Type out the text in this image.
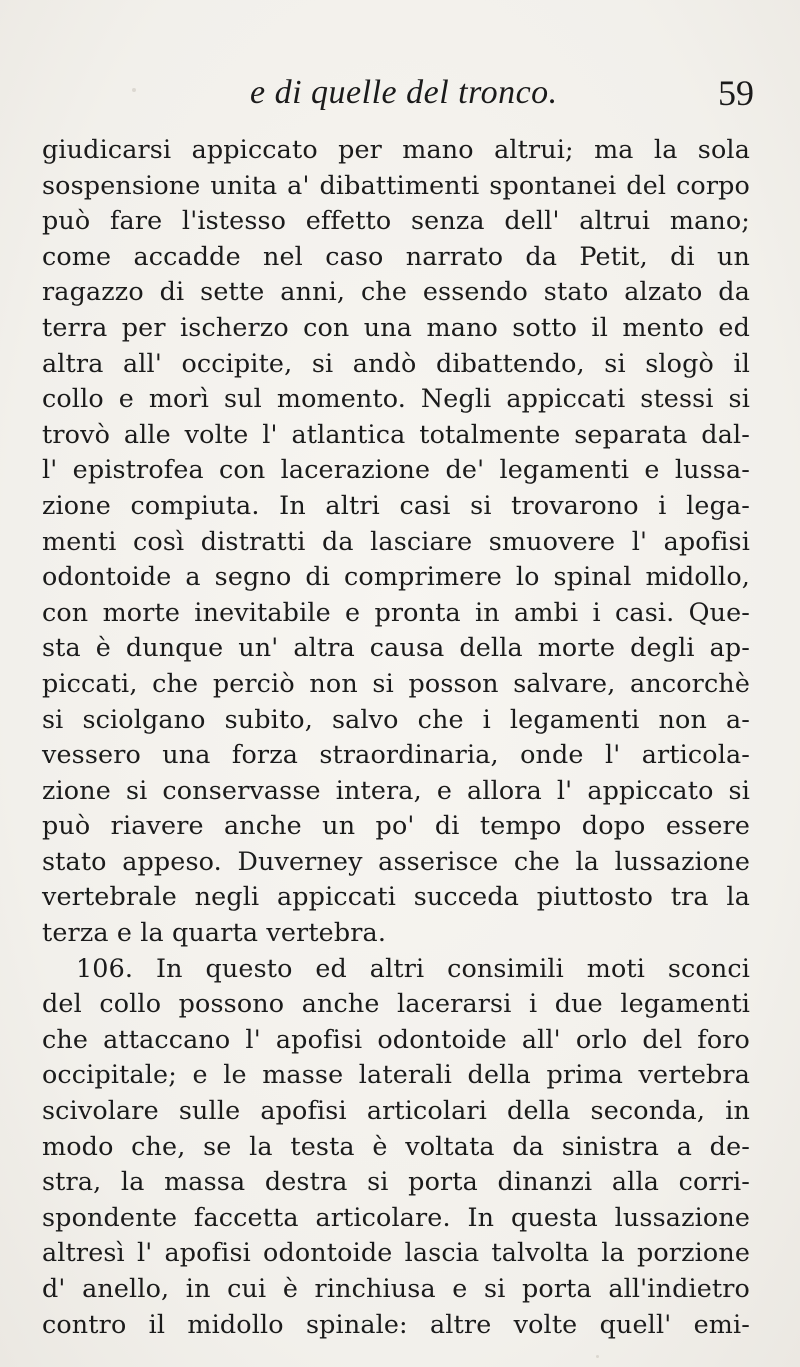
e di quelle del tronco.	59
giudicarsi appiccato per mano altrui; ma la sola
sospensione unita a' dibattimenti spontanei del corpo
può fare l'istesso effetto senza dell' altrui mano;
come accadde nel caso narrato da Petit, di un
ragazzo di sette anni, che essendo stato alzato da
terra per ischerzo con una mano sotto il mento ed
altra all' occipite, si andò dibattendo, si slogò il
collo e morì sul momento. Negli appiccati stessi si
trovò alle volte l' atlantica totalmente separata dal-
l' epistrofea con lacerazione de' legamenti e lussa-
zione compiuta. In altri casi si trovarono i lega-
menti così distratti da lasciare smuovere l' apofisi
odontoide a segno di comprimere lo spinal midollo,
con morte inevitabile e pronta in ambi i casi. Que-
sta è dunque un' altra causa della morte degli ap-
piccati, che perciò non si posson salvare, ancorchè
si sciolgano subito, salvo che i legamenti non a-
vessero una forza straordinaria, onde l' articola-
zione si conservasse intera, e allora l' appiccato si
può riavere anche un po' di tempo dopo essere
stato appeso. Duverney asserisce che la lussazione
vertebrale negli appiccati succeda piuttosto tra la
terza e la quarta vertebra.
106. In questo ed altri consimili moti sconci
del collo possono anche lacerarsi i due legamenti
che attaccano l' apofisi odontoide all' orlo del foro
occipitale; e le masse laterali della prima vertebra
scivolare sulle apofisi articolari della seconda, in
modo che, se la testa è voltata da sinistra a de-
stra, la massa destra si porta dinanzi alla corri-
spondente faccetta articolare. In questa lussazione
altresì l' apofisi odontoide lascia talvolta la porzione
d' anello, in cui è rinchiusa e si porta all'indietro
contro il midollo spinale: altre volte quell' emi-
